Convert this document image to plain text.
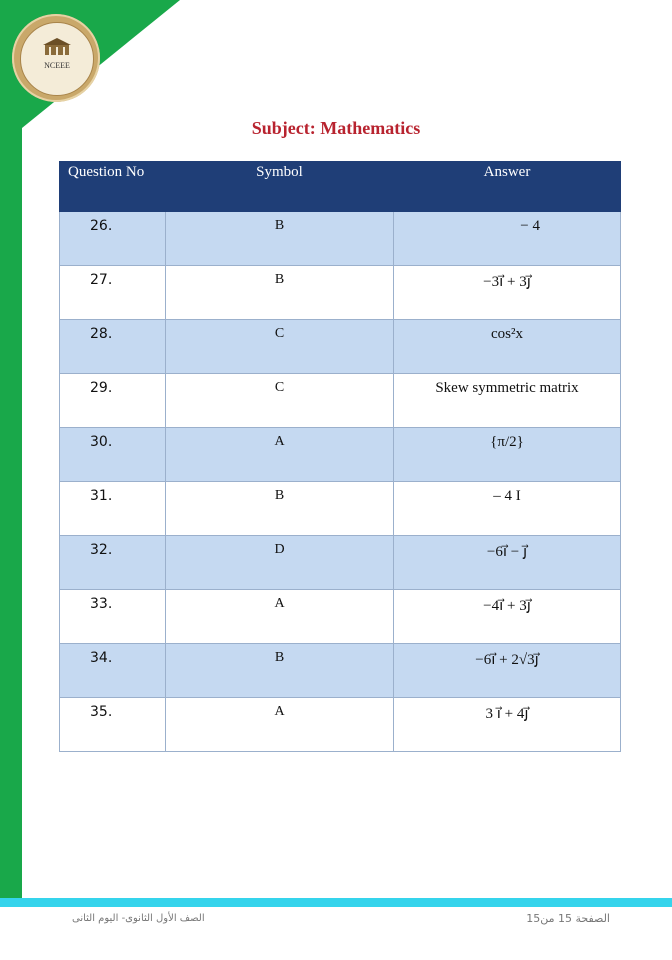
NCEEE
Subject: Mathematics
Question No	Symbol	Answer
26.	B	− 4
27.	B	−3ı⃗ + 3ȷ⃗
28.	C	cos²x
29.	C	Skew symmetric matrix
30.	A	{π/2}
31.	B	– 4 I
32.	D	−6ı⃗ − ȷ⃗
33.	A	−4ı⃗ + 3ȷ⃗
34.	B	−6ı⃗ + 2√3ȷ⃗
35.	A	3 ı⃗ + 4ȷ⃗
الصف الأول الثانوى- اليوم الثانى	الصفحة 15 من15
